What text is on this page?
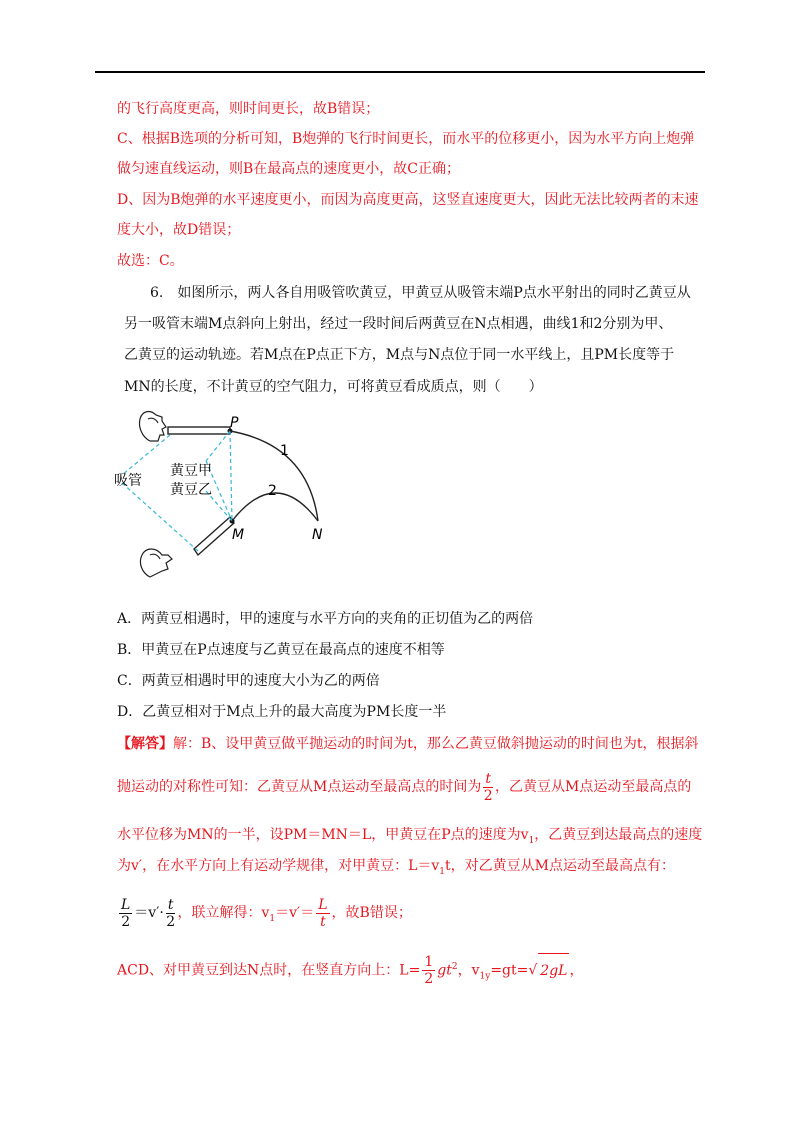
的飞行高度更高，则时间更长，故B错误；
C、根据B选项的分析可知，B炮弹的飞行时间更长，而水平的位移更小，因为水平方向上炮弹
做匀速直线运动，则B在最高点的速度更小，故C正确；
D、因为B炮弹的水平速度更小，而因为高度更高，这竖直速度更大，因此无法比较两者的末速
度大小，故D错误；
故选：C。
6.　如图所示，两人各自用吸管吹黄豆，甲黄豆从吸管末端P点水平射出的同时乙黄豆从
另一吸管末端M点斜向上射出，经过一段时间后两黄豆在N点相遇，曲线1和2分别为甲、
乙黄豆的运动轨迹。若M点在P点正下方，M点与N点位于同一水平线上，且PM长度等于
MN的长度，不计黄豆的空气阻力，可将黄豆看成质点，则（　　）
P
M	N
1
2
黄豆甲
黄豆乙
吸管
A．两黄豆相遇时，甲的速度与水平方向的夹角的正切值为乙的两倍
B．甲黄豆在P点速度与乙黄豆在最高点的速度不相等
C．两黄豆相遇时甲的速度大小为乙的两倍
D．乙黄豆相对于M点上升的最大高度为PM长度一半
【解答】解：B、设甲黄豆做平抛运动的时间为t，那么乙黄豆做斜抛运动的时间也为t，根据斜
抛运动的对称性可知：乙黄豆从M点运动至最高点的时间为 $\frac{t}{2}$ ，乙黄豆从M点运动至最高点的
水平位移为MN的一半，设PM＝MN＝L，甲黄豆在P点的速度为$v_1$，乙黄豆到达最高点的速度
为v′，在水平方向上有运动学规律，对甲黄豆：$L=v_1t$，对乙黄豆从M点运动至最高点有：
$\frac{L}{2} =v'\cdot \frac{t}{2}$ ，联立解得：$v_1=v'= \frac{L}{t}$ ，故B错误；
ACD、对甲黄豆到达N点时，在竖直方向上：$L= \frac{1}{2} gt^2$，$v_{1y}=gt=√$ 2gL ，
